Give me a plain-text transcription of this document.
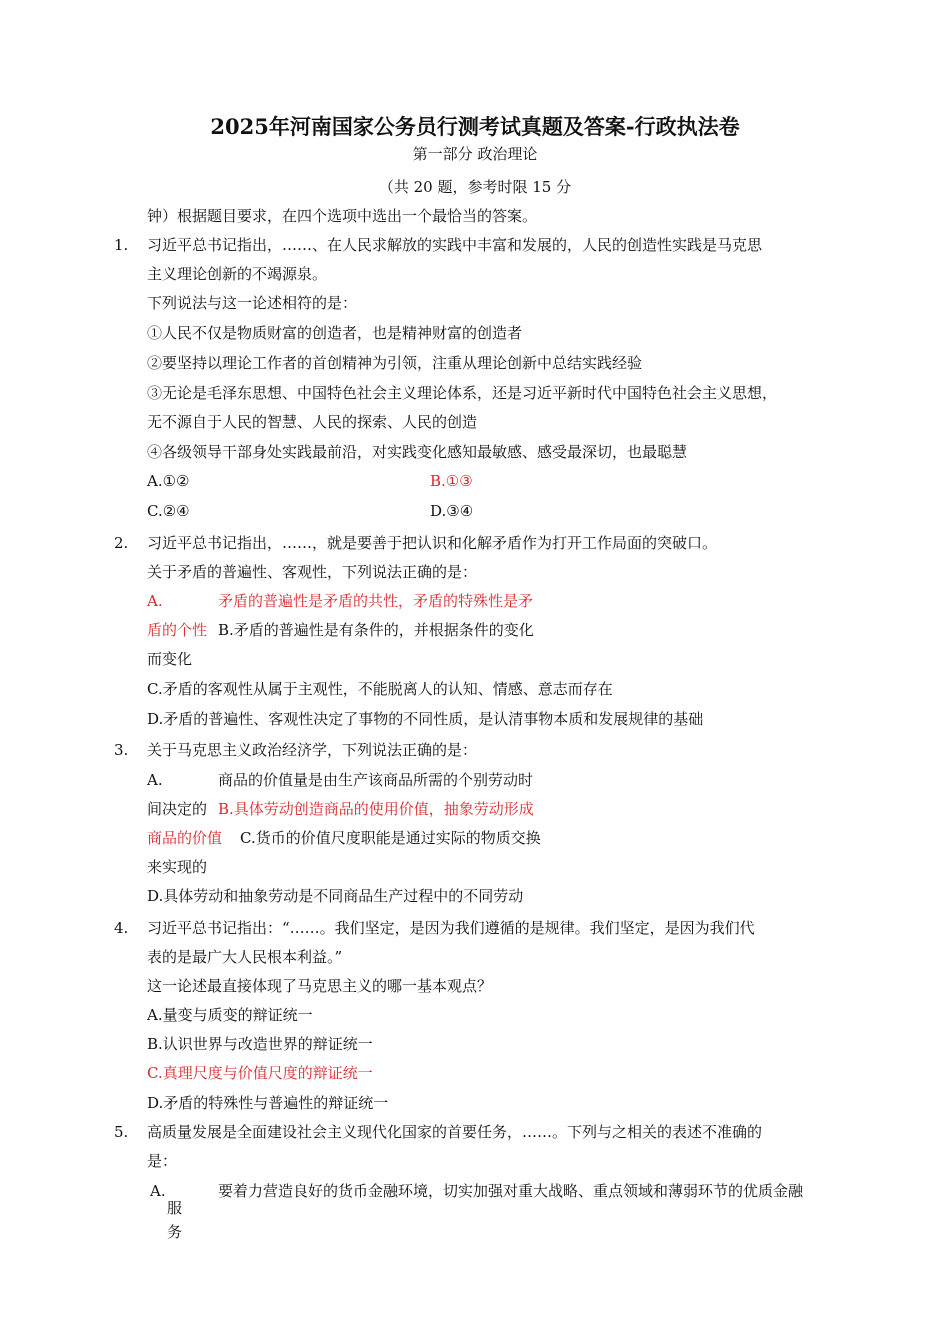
2025年河南国家公务员行测考试真题及答案-行政执法卷
第一部分 政治理论
（共 20 题，参考时限 15 分
钟）根据题目要求，在四个选项中选出一个最恰当的答案。
1. 习近平总书记指出，……、在人民求解放的实践中丰富和发展的，人民的创造性实践是马克思
主义理论创新的不竭源泉。
下列说法与这一论述相符的是：
①人民不仅是物质财富的创造者，也是精神财富的创造者
②要坚持以理论工作者的首创精神为引领，注重从理论创新中总结实践经验
③无论是毛泽东思想、中国特色社会主义理论体系，还是习近平新时代中国特色社会主义思想，
无不源自于人民的智慧、人民的探索、人民的创造
④各级领导干部身处实践最前沿，对实践变化感知最敏感、感受最深切，也最聪慧
A.①②	B.①③
C.②④	D.③④
2. 习近平总书记指出，……，就是要善于把认识和化解矛盾作为打开工作局面的突破口。
关于矛盾的普遍性、客观性，下列说法正确的是：
A.	矛盾的普遍性是矛盾的共性，矛盾的特殊性是矛
盾的个性 B.矛盾的普遍性是有条件的，并根据条件的变化
而变化
C.矛盾的客观性从属于主观性，不能脱离人的认知、情感、意志而存在
D.矛盾的普遍性、客观性决定了事物的不同性质，是认清事物本质和发展规律的基础
3. 关于马克思主义政治经济学，下列说法正确的是：
A.	商品的价值量是由生产该商品所需的个别劳动时
间决定的 B.具体劳动创造商品的使用价值，抽象劳动形成
商品的价值 C.货币的价值尺度职能是通过实际的物质交换
来实现的
D.具体劳动和抽象劳动是不同商品生产过程中的不同劳动
4. 习近平总书记指出：“……。我们坚定，是因为我们遵循的是规律。我们坚定，是因为我们代
表的是最广大人民根本利益。”
这一论述最直接体现了马克思主义的哪一基本观点？
A.量变与质变的辩证统一
B.认识世界与改造世界的辩证统一
C.真理尺度与价值尺度的辩证统一
D.矛盾的特殊性与普遍性的辩证统一
5. 高质量发展是全面建设社会主义现代化国家的首要任务，……。下列与之相关的表述不准确的
是：
A.	要着力营造良好的货币金融环境，切实加强对重大战略、重点领域和薄弱环节的优质金融
服
务
